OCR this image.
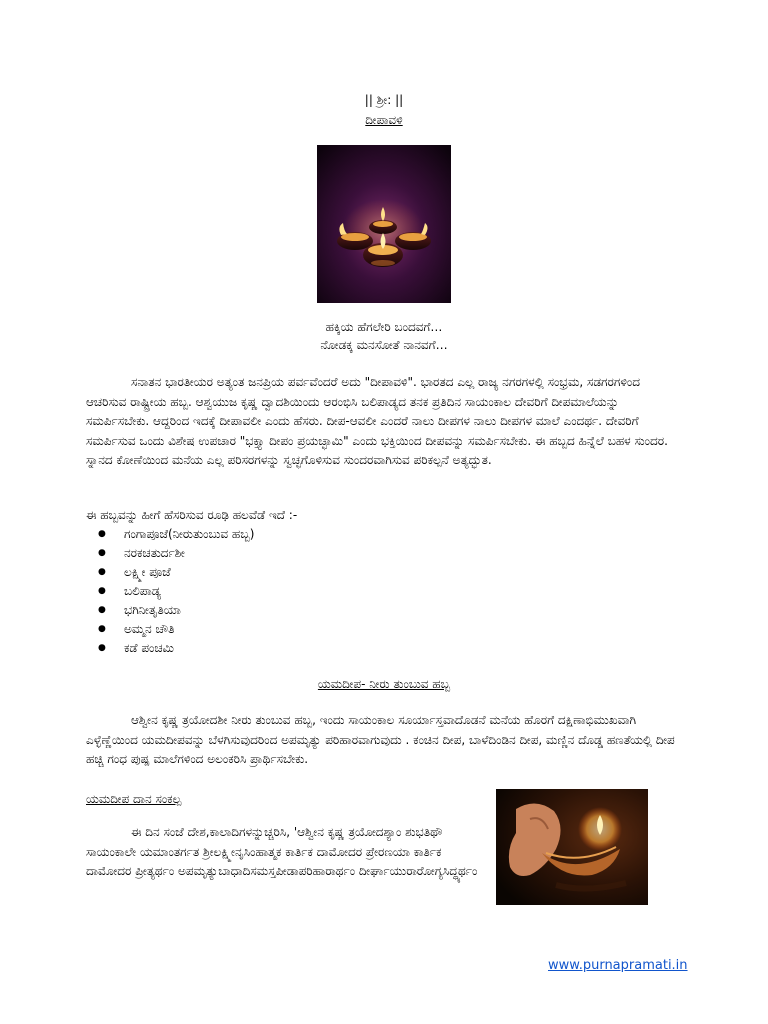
|| ಶ್ರೀ: ||
ದೀಪಾವಳಿ
ಹಕ್ಕಿಯ ಹೆಗಲೇರಿ ಬಂದವಗೆ…
ನೋಡಕ್ಕ ಮನಸೋತೆ ನಾನವಗೆ…

ಸನಾತನ ಭಾರತೀಯರ ಅತ್ಯಂತ ಜನಪ್ರಿಯ ಪರ್ವವೆಂದರೆ ಅದು "ದೀಪಾವಳಿ". ಭಾರತದ ಎಲ್ಲ ರಾಜ್ಯ ನಗರಗಳಲ್ಲಿ ಸಂಭ್ರಮ, ಸಡಗರಗಳಿಂದ ಆಚರಿಸುವ ರಾಷ್ಟ್ರೀಯ ಹಬ್ಬ. ಆಶ್ವಯುಜ ಕೃಷ್ಣ ದ್ವಾದಶಿಯಿಂದು ಆರಂಭಿಸಿ ಬಲಿಪಾಡ್ಯದ ತನಕ ಪ್ರತಿದಿನ ಸಾಯಂಕಾಲ ದೇವರಿಗೆ ದೀಪಮಾಲೆಯನ್ನು ಸಮರ್ಪಿಸಬೇಕು. ಆದ್ದರಿಂದ ಇದಕ್ಕೆ ದೀಪಾವಲೀ ಎಂದು ಹೆಸರು. ದೀಪ-ಆವಲೀ ಎಂದರೆ ನಾಲು ದೀಪಗಳ ನಾಲು ದೀಪಗಳ ಮಾಲೆ ಎಂದರ್ಥ. ದೇವರಿಗೆ ಸಮರ್ಪಿಸುವ ಒಂದು ವಿಶೇಷ ಉಪಚಾರ "ಭಕ್ತ್ಯಾ ದೀಪಂ ಪ್ರಯಚ್ಛಾಮಿ" ಎಂದು ಭಕ್ತಿಯಿಂದ ದೀಪವನ್ನು ಸಮರ್ಪಿಸಬೇಕು. ಈ ಹಬ್ಬದ ಹಿನ್ನೆಲೆ ಬಹಳ ಸುಂದರ. ಸ್ನಾನದ ಕೋಣೆಯಿಂದ ಮನೆಯ ಎಲ್ಲ ಪರಿಸರಗಳನ್ನು ಸ್ವಚ್ಛಗೊಳಿಸುವ ಸುಂದರವಾಗಿಸುವ ಪರಿಕಲ್ಪನೆ ಅತ್ಯದ್ಭುತ.

ಈ ಹಬ್ಬವನ್ನು ಹೀಗೆ ಹೆಸರಿಸುವ ರೂಢಿ ಹಲವೆಡೆ ಇದೆ :-
● ಗಂಗಾಪೂಜೆ(ನೀರುತುಂಬುವ ಹಬ್ಬ)
● ನರಕಚತುರ್ದಶೀ
● ಲಕ್ಷ್ಮೀ ಪೂಜೆ
● ಬಲಿಪಾಡ್ಯ
● ಭಗಿನೀತೃತಿಯಾ
● ಅಮ್ಮನ ಚೌತಿ
● ಕಡೆ ಪಂಚಮಿ
ಯಮದೀಪ- ನೀರು ತುಂಬುವ ಹಬ್ಬ

ಆಶ್ವೀನ ಕೃಷ್ಣ ತ್ರಯೋದಶೀ ನೀರು ತುಂಬುವ ಹಬ್ಬ, ಇಂದು ಸಾಯಂಕಾಲ ಸೂರ್ಯಾಸ್ತವಾದೊಡನೆ ಮನೆಯ ಹೊರಗೆ ದಕ್ಷಿಣಾಭಿಮುಖವಾಗಿ ಎಳ್ಳೆಣ್ಣೆಯಿಂದ ಯಮದೀಪವನ್ನು ಬೆಳಗಿಸುವುದರಿಂದ ಅಪಮೃತ್ಯು ಪರಿಹಾರವಾಗುವುದು . ಕಂಚಿನ ದೀಪ, ಬಾಳೆದಿಂಡಿನ ದೀಪ, ಮಣ್ಣಿನ ದೊಡ್ಡ ಹಣತೆಯಲ್ಲಿ ದೀಪ ಹಚ್ಚಿ ಗಂಧ ಪುಷ್ಪ ಮಾಲೆಗಳಿಂದ ಅಲಂಕರಿಸಿ ಪ್ರಾರ್ಥಿಸಬೇಕು.

ಯಮದೀಪ ದಾನ ಸಂಕಲ್ಪ

ಈ ದಿನ ಸಂಜೆ ದೇಶ,ಕಾಲಾದಿಗಳನ್ನುಚ್ಚರಿಸಿ, 'ಆಶ್ವೀನ ಕೃಷ್ಣ ತ್ರಯೋದಶ್ಯಾಂ ಶುಭತಿಥೌ ಸಾಯಂಕಾಲೇ ಯಮಾಂತರ್ಗತ ಶ್ರೀಲಕ್ಷ್ಮೀನೃಸಿಂಹಾತ್ಮಕ ಕಾರ್ತಿಕ ದಾಮೋದರ ಪ್ರೇರಣಯಾ ಕಾರ್ತಿಕ ದಾಮೋದರ ಪ್ರೀತ್ಯರ್ಥಂ ಅಪಮೃತ್ಯುಬಾಧಾದಿಸಮಸ್ತಪೀಡಾಪರಿಹಾರಾರ್ಥಂ ದೀರ್ಘಾಯುರಾರೋಗ್ಯಸಿದ್ಧ್ಯರ್ಥಂ

www.purnapramati.in
